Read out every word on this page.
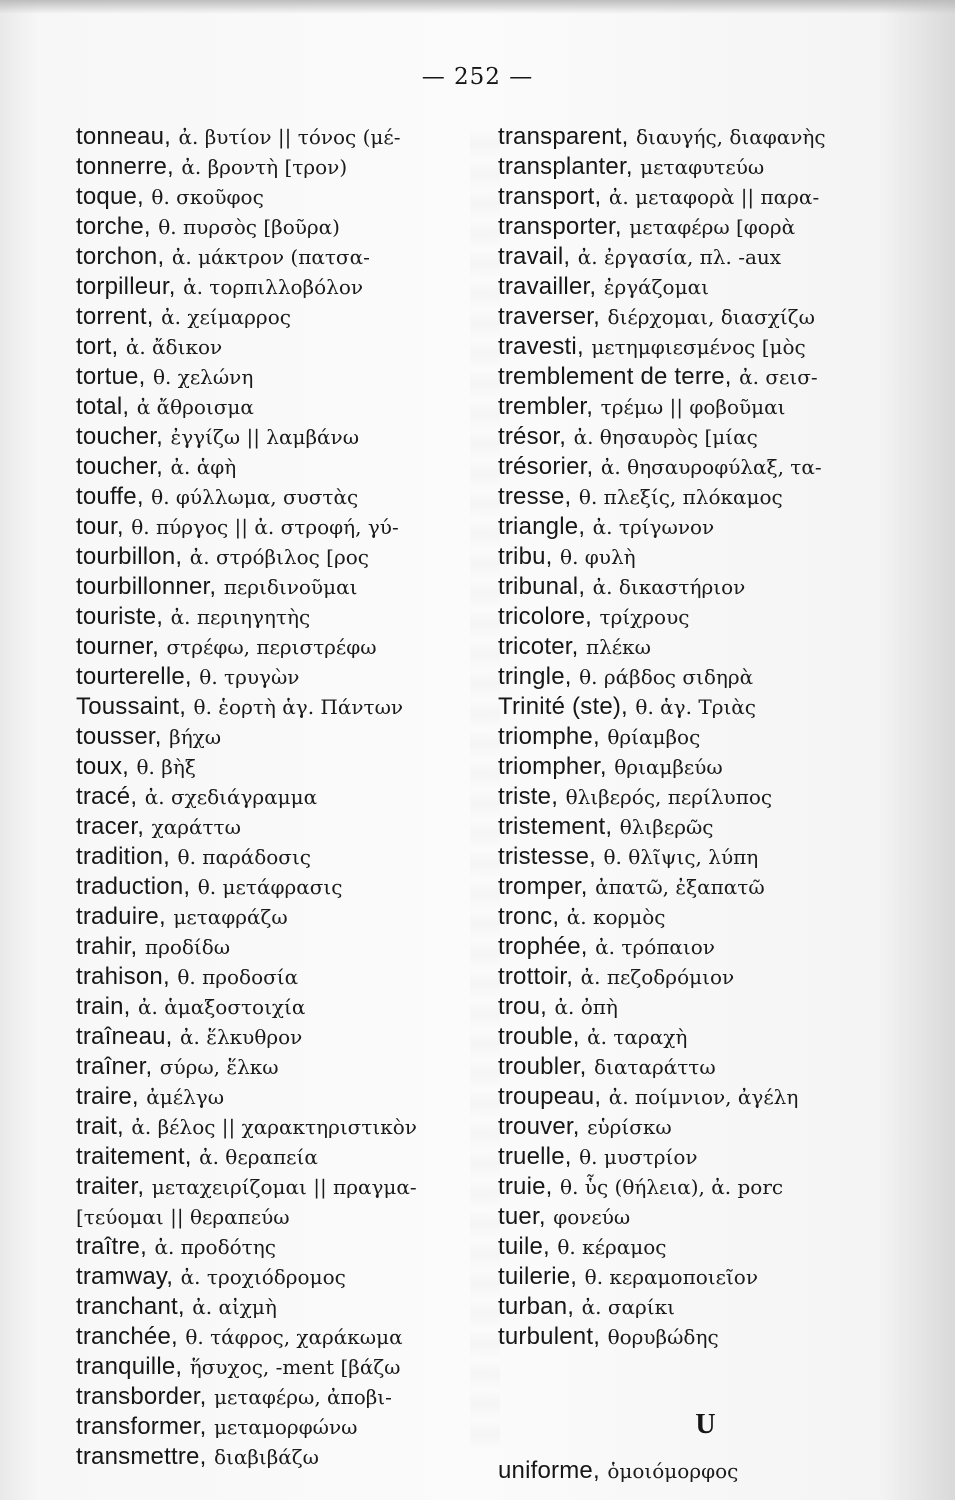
— 252 —
tonneau, ἀ. βυτίον || τόνος (μέ-
tonnerre, ἀ. βροντὴ [τρον)
toque, θ. σκοῦφος
torche, θ. πυρσὸς [βοῦρα)
torchon, ἀ. μάκτρον (πατσα-
torpilleur, ἀ. τορπιλλοβόλον
torrent, ἀ. χείμαρρος
tort, ἀ. ἄδικον
tortue, θ. χελώνη
total, ἀ ἄθροισμα
toucher, ἐγγίζω || λαμβάνω
toucher, ἀ. ἁφὴ
touffe, θ. φύλλωμα, συστὰς
tour, θ. πύργος || ἀ. στροφή, γύ-
tourbillon, ἀ. στρόβιλος [ρος
tourbillonner, περιδινοῦμαι
touriste, ἀ. περιηγητὴς
tourner, στρέφω, περιστρέφω
tourterelle, θ. τρυγὼν
Toussaint, θ. ἑορτὴ ἁγ. Πάντων
tousser, βήχω
toux, θ. βὴξ
tracé, ἀ. σχεδιάγραμμα
tracer, χαράττω
tradition, θ. παράδοσις
traduction, θ. μετάφρασις
traduire, μεταφράζω
trahir, προδίδω
trahison, θ. προδοσία
train, ἀ. ἁμαξοστοιχία
traîneau, ἀ. ἕλκυθρον
traîner, σύρω, ἕλκω
traire, ἀμέλγω
trait, ἀ. βέλος || χαρακτηριστικὸν
traitement, ἀ. θεραπεία
traiter, μεταχειρίζομαι || πραγμα-
[τεύομαι || θεραπεύω
traître, ἀ. προδότης
tramway, ἀ. τροχιόδρομος
tranchant, ἀ. αἰχμὴ
tranchée, θ. τάφρος, χαράκωμα
tranquille, ἥσυχος, -ment [βάζω
transborder, μεταφέρω, ἀποβι-
transformer, μεταμορφώνω
transmettre, διαβιβάζω
transparent, διαυγής, διαφανὴς
transplanter, μεταφυτεύω
transport, ἀ. μεταφορὰ || παρα-
transporter, μεταφέρω [φορὰ
travail, ἀ. ἐργασία, πλ. -aux
travailler, ἐργάζομαι
traverser, διέρχομαι, διασχίζω
travesti, μετημφιεσμένος [μὸς
tremblement de terre, ἀ. σεισ-
trembler, τρέμω || φοβοῦμαι
trésor, ἀ. θησαυρὸς [μίας
trésorier, ἀ. θησαυροφύλαξ, τα-
tresse, θ. πλεξίς, πλόκαμος
triangle, ἀ. τρίγωνον
tribu, θ. φυλὴ
tribunal, ἀ. δικαστήριον
tricolore, τρίχρους
tricoter, πλέκω
tringle, θ. ράβδος σιδηρὰ
Trinité (ste), θ. ἁγ. Τριὰς
triomphe, θρίαμβος
triompher, θριαμβεύω
triste, θλιβερός, περίλυπος
tristement, θλιβερῶς
tristesse, θ. θλῖψις, λύπη
tromper, ἀπατῶ, ἐξαπατῶ
tronc, ἀ. κορμὸς
trophée, ἀ. τρόπαιον
trottoir, ἀ. πεζοδρόμιον
trou, ἀ. ὀπὴ
trouble, ἀ. ταραχὴ
troubler, διαταράττω
troupeau, ἀ. ποίμνιον, ἀγέλη
trouver, εὑρίσκω
truelle, θ. μυστρίον
truie, θ. ὗς (θήλεια), ἀ. porc
tuer, φονεύω
tuile, θ. κέραμος
tuilerie, θ. κεραμοποιεῖον
turban, ἀ. σαρίκι
turbulent, θορυβώδης
U
uniforme, ὁμοιόμορφος
